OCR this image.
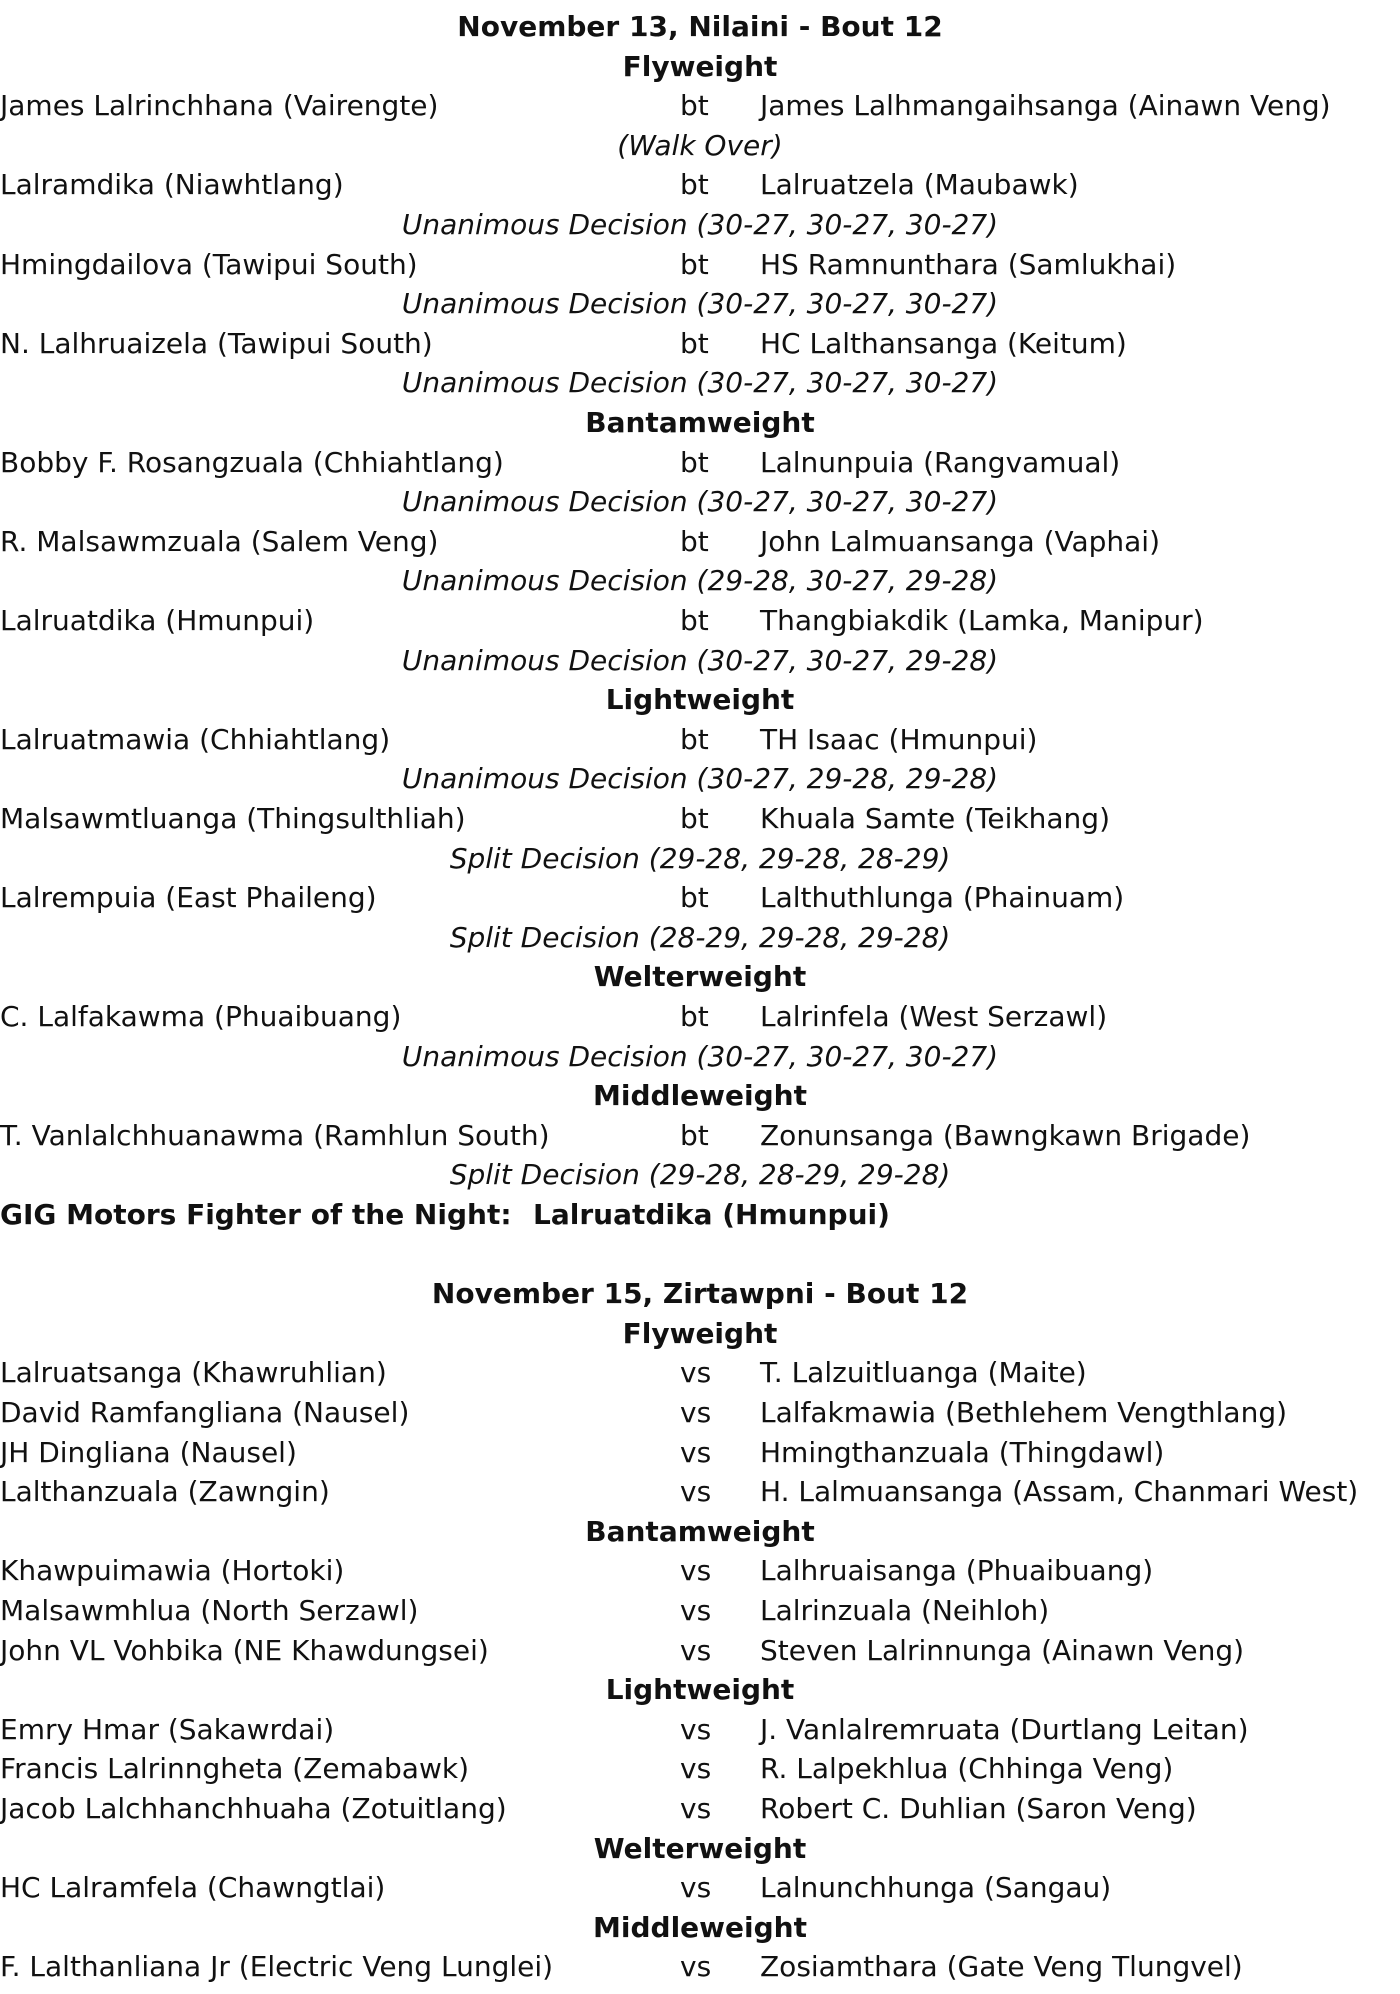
November 13, Nilaini - Bout 12
Flyweight
James Lalrinchhana (Vairengte)	bt James Lalhmangaihsanga (Ainawn Veng)
(Walk Over)
Lalramdika (Niawhtlang)	bt Lalruatzela (Maubawk)
Unanimous Decision (30-27, 30-27, 30-27)
Hmingdailova (Tawipui South)	bt HS Ramnunthara (Samlukhai)
Unanimous Decision (30-27, 30-27, 30-27)
N. Lalhruaizela (Tawipui South)	bt HC Lalthansanga (Keitum)
Unanimous Decision (30-27, 30-27, 30-27)
Bantamweight
Bobby F. Rosangzuala (Chhiahtlang)	bt Lalnunpuia (Rangvamual)
Unanimous Decision (30-27, 30-27, 30-27)
R. Malsawmzuala (Salem Veng)	bt John Lalmuansanga (Vaphai)
Unanimous Decision (29-28, 30-27, 29-28)
Lalruatdika (Hmunpui)	bt Thangbiakdik (Lamka, Manipur)
Unanimous Decision (30-27, 30-27, 29-28)
Lightweight
Lalruatmawia (Chhiahtlang)	bt TH Isaac (Hmunpui)
Unanimous Decision (30-27, 29-28, 29-28)
Malsawmtluanga (Thingsulthliah)	bt Khuala Samte (Teikhang)
Split Decision (29-28, 29-28, 28-29)
Lalrempuia (East Phaileng)	bt Lalthuthlunga (Phainuam)
Split Decision (28-29, 29-28, 29-28)
Welterweight
C. Lalfakawma (Phuaibuang)	bt Lalrinfela (West Serzawl)
Unanimous Decision (30-27, 30-27, 30-27)
Middleweight
T. Vanlalchhuanawma (Ramhlun South)	bt Zonunsanga (Bawngkawn Brigade)
Split Decision (29-28, 28-29, 29-28)
GIG Motors Fighter of the Night: Lalruatdika (Hmunpui)
November 15, Zirtawpni - Bout 12
Flyweight
Lalruatsanga (Khawruhlian)	vs T. Lalzuitluanga (Maite)
David Ramfangliana (Nausel)	vs Lalfakmawia (Bethlehem Vengthlang)
JH Dingliana (Nausel)	vs Hmingthanzuala (Thingdawl)
Lalthanzuala (Zawngin)	vs H. Lalmuansanga (Assam, Chanmari West)
Bantamweight
Khawpuimawia (Hortoki)	vs Lalhruaisanga (Phuaibuang)
Malsawmhlua (North Serzawl)	vs Lalrinzuala (Neihloh)
John VL Vohbika (NE Khawdungsei)	vs Steven Lalrinnunga (Ainawn Veng)
Lightweight
Emry Hmar (Sakawrdai)	vs J. Vanlalremruata (Durtlang Leitan)
Francis Lalrinngheta (Zemabawk)	vs R. Lalpekhlua (Chhinga Veng)
Jacob Lalchhanchhuaha (Zotuitlang)	vs Robert C. Duhlian (Saron Veng)
Welterweight
HC Lalramfela (Chawngtlai)	vs Lalnunchhunga (Sangau)
Middleweight
F. Lalthanliana Jr (Electric Veng Lunglei)	vs Zosiamthara (Gate Veng Tlungvel)
